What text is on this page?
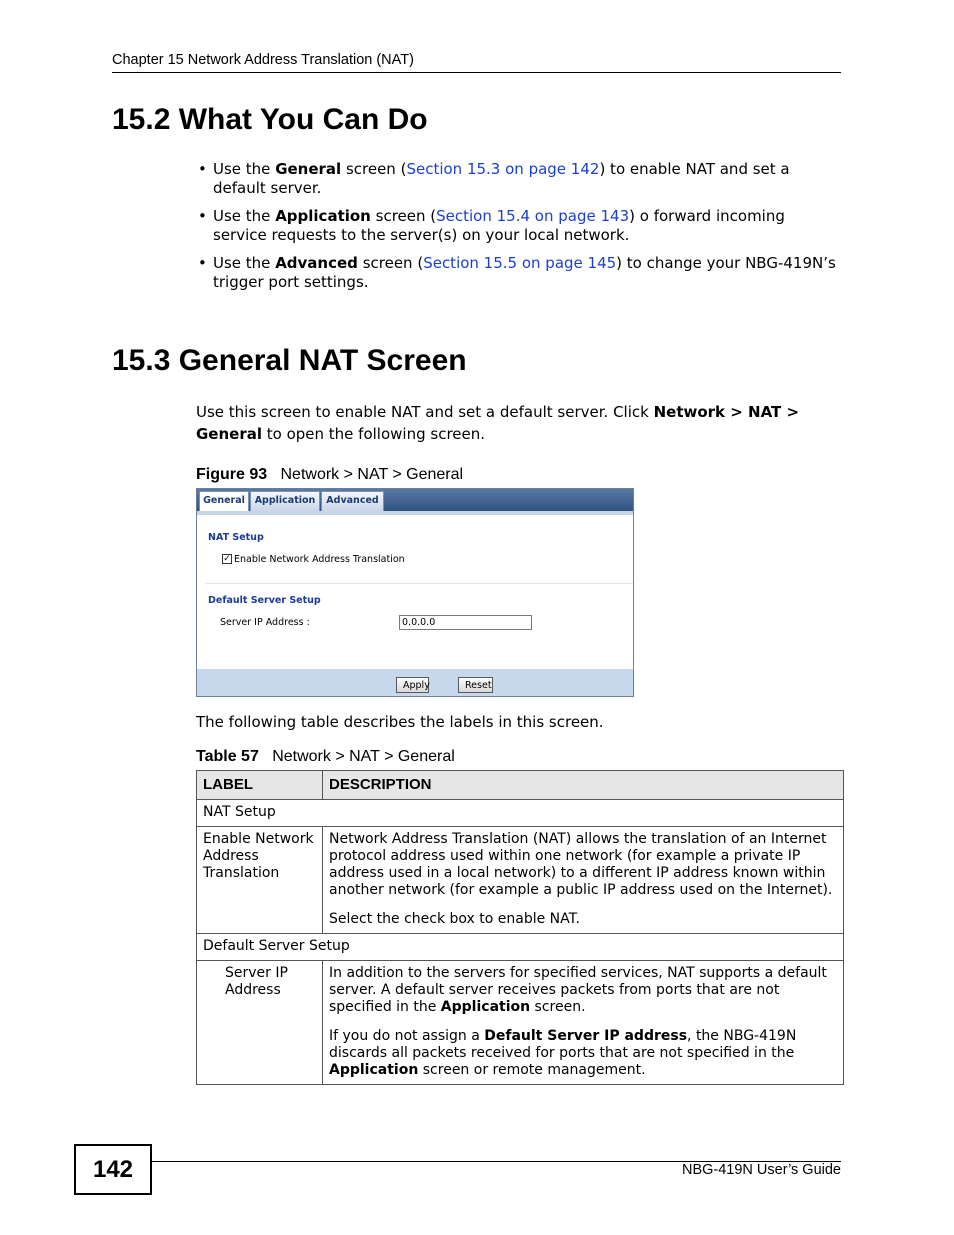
Chapter 15 Network Address Translation (NAT)
15.2 What You Can Do
• Use the General screen (Section 15.3 on page 142) to enable NAT and set a default server.
• Use the Application screen (Section 15.4 on page 143) o forward incoming service requests to the server(s) on your local network.
• Use the Advanced screen (Section 15.5 on page 145) to change your NBG-419N’s trigger port settings.
15.3 General NAT Screen
Use this screen to enable NAT and set a default server. Click Network > NAT > General to open the following screen.
Figure 93 Network > NAT > General
General	Application	Advanced
NAT Setup
✓ Enable Network Address Translation
Default Server Setup
Server IP Address :
0.0.0.0
Apply	Reset
The following table describes the labels in this screen.
Table 57 Network > NAT > General
LABEL	DESCRIPTION
NAT Setup	
Enable Network Address Translation	Network Address Translation (NAT) allows the translation of an Internet protocol address used within one network (for example a private IP address used in a local network) to a different IP address known within another network (for example a public IP address used on the Internet).

Select the check box to enable NAT.

Default Server Setup	
Server IP Address	In addition to the servers for specified services, NAT supports a default server. A default server receives packets from ports that are not specified in the Application screen.

If you do not assign a Default Server IP address, the NBG-419N discards all packets received for ports that are not specified in the Application screen or remote management.

142	NBG-419N User’s Guide
